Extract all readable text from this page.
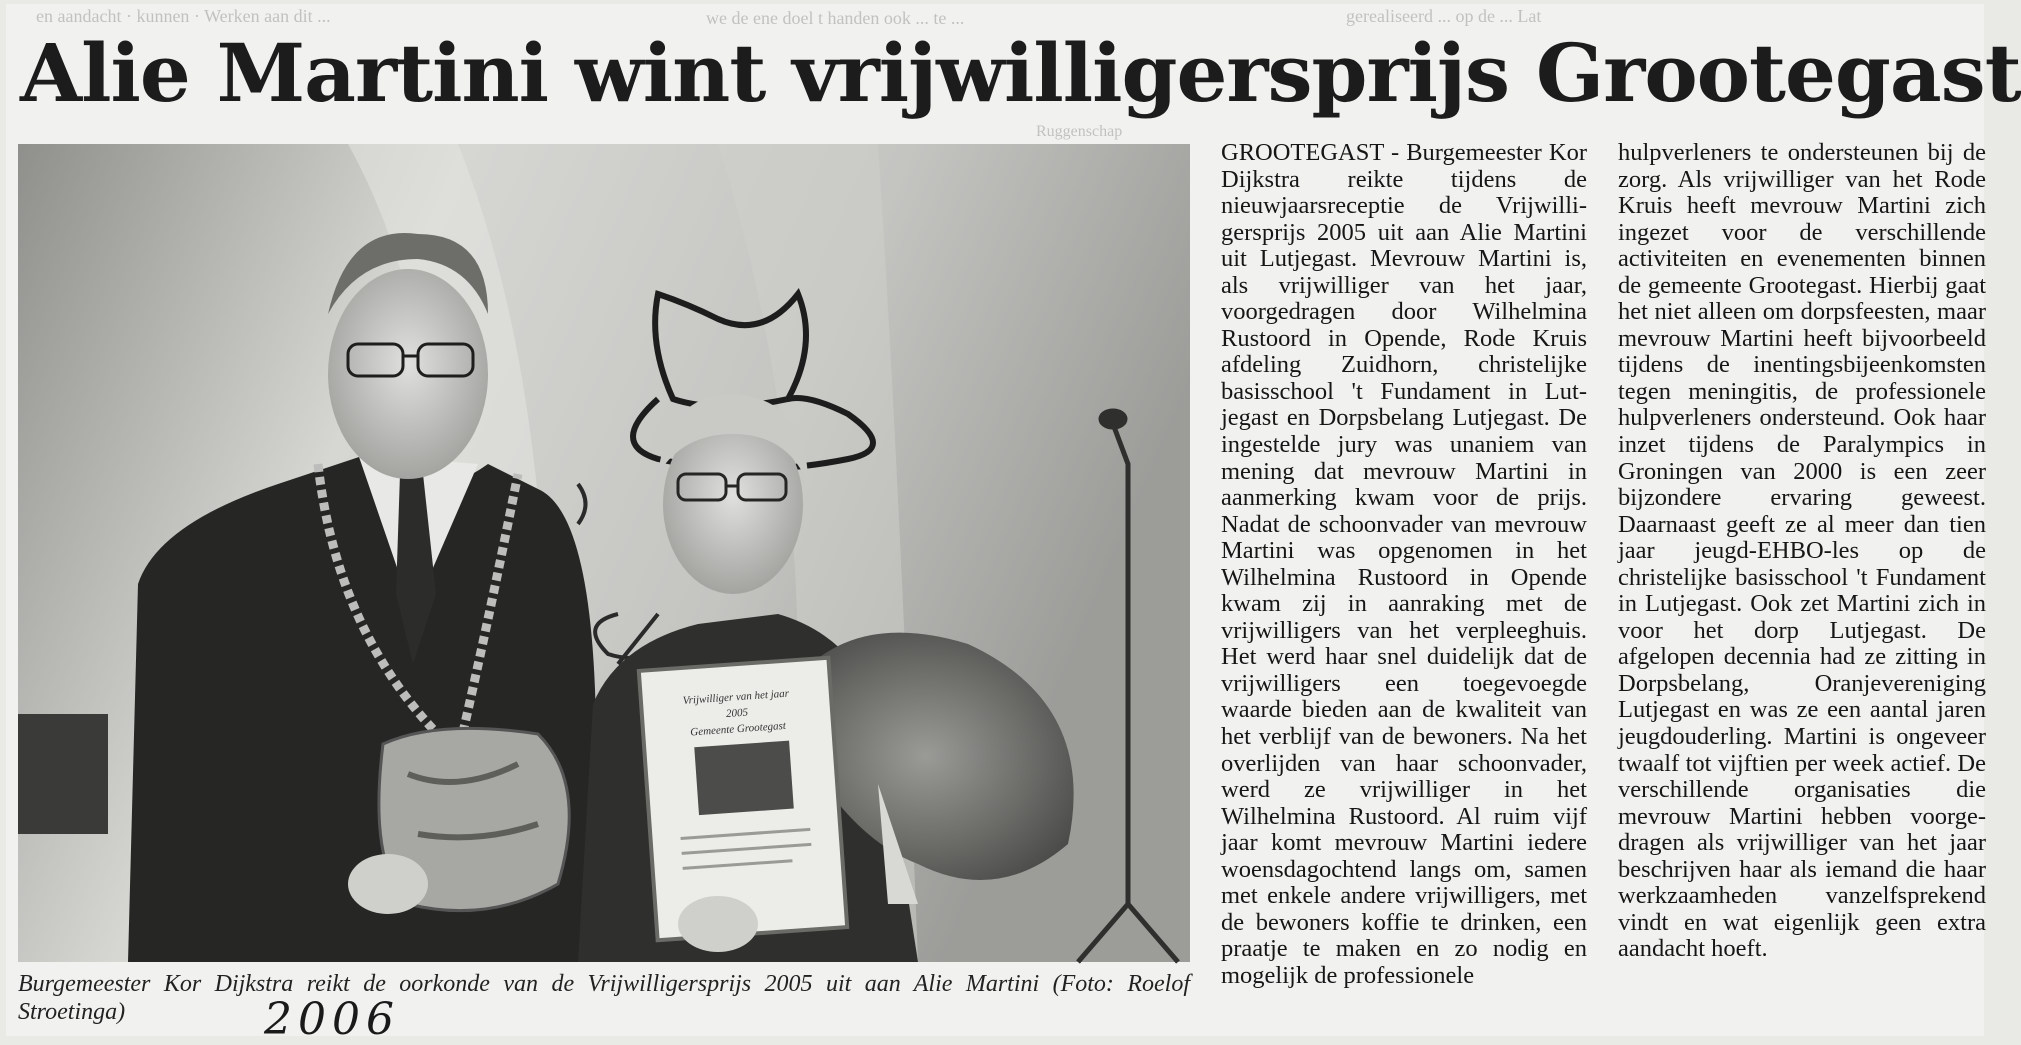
en aandacht · kunnen · Werken aan dit ...	we de ene doel t handen ook ... te ...	gerealiseerd ... op de ... Lat
Ruggenschap
Alie Martini wint vrijwilligersprijs Grootegast
Vrijwilliger van het jaar
2005
Gemeente Grootegast

Burgemeester Kor Dijkstra reikt de oorkonde van de Vrijwilligersprijs 2005 uit aan Alie Martini (Foto: Roelof Stroetinga)	2006

GROOTEGAST - Burgemeester Kor Dijkstra reikte tijdens de nieuwjaarsreceptie de Vrijwilligersprijs 2005 uit aan Alie Martini uit Lutjegast. Mevrouw Martini is, als vrijwilliger van het jaar, voorgedragen door Wilhelmina Rustoord in Opende, Rode Kruis afdeling Zuidhorn, christelijke basisschool 't Fundament in Lutjegast en Dorpsbelang Lutjegast. De ingestelde jury was unaniem van mening dat mevrouw Martini in aanmerking kwam voor de prijs. Nadat de schoonvader van mevrouw Martini was opgenomen in het Wilhelmina Rustoord in Opende kwam zij in aanraking met de vrijwilligers van het verpleeghuis. Het werd haar snel duidelijk dat de vrijwilligers een toegevoegde waarde bieden aan de kwaliteit van het verblijf van de bewoners. Na het overlijden van haar schoonvader, werd ze vrijwilliger in het Wilhelmina Rustoord. Al ruim vijf jaar komt mevrouw Martini iedere woensdagochtend langs om, samen met enkele andere vrijwilligers, met de bewoners koffie te drinken, een praatje te maken en zo nodig en mogelijk de professionele

hulpverleners te ondersteunen bij de zorg. Als vrijwilliger van het Rode Kruis heeft mevrouw Martini zich ingezet voor de verschillende activiteiten en evenementen binnen de gemeente Grootegast. Hierbij gaat het niet alleen om dorpsfeesten, maar mevrouw Martini heeft bijvoorbeeld tijdens de inentingsbijeenkomsten tegen meningitis, de professionele hulpverleners ondersteund. Ook haar inzet tijdens de Paralympics in Groningen van 2000 is een zeer bijzondere ervaring geweest. Daarnaast geeft ze al meer dan tien jaar jeugd-EHBO-les op de christelijke basisschool 't Fundament in Lutjegast. Ook zet Martini zich in voor het dorp Lutjegast. De afgelopen decennia had ze zitting in Dorpsbelang, Oranjevereniging Lutjegast en was ze een aantal jaren jeugdouderling. Martini is ongeveer twaalf tot vijftien per week actief. De verschillende organisaties die mevrouw Martini hebben voorgedragen als vrijwilliger van het jaar beschrijven haar als iemand die haar werkzaamheden vanzelfsprekend vindt en wat eigenlijk geen extra aandacht hoeft.
